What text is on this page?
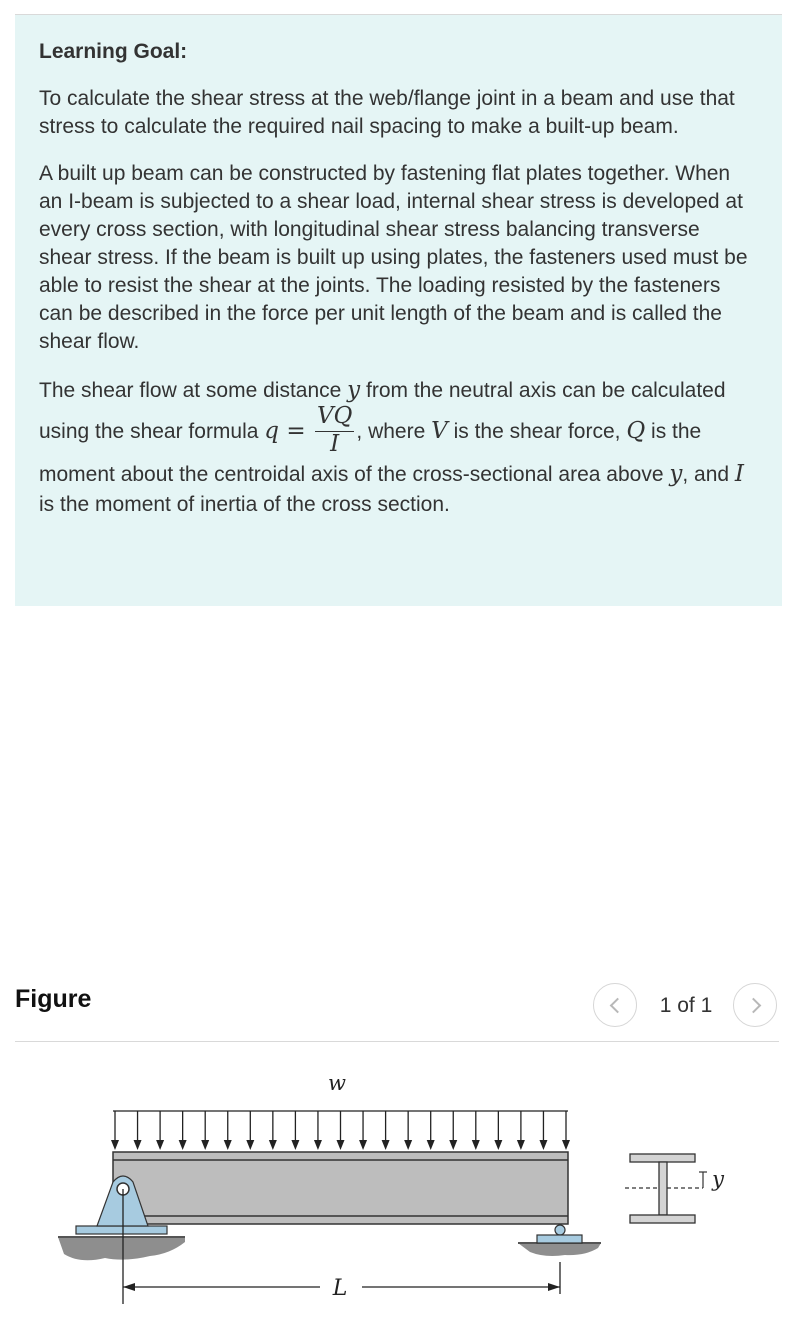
Learning Goal:

To calculate the shear stress at the web/flange joint in a beam and use that stress to calculate the required nail spacing to make a built-up beam.

A built up beam can be constructed by fastening flat plates together. When an I-beam is subjected to a shear load, internal shear stress is developed at every cross section, with longitudinal shear stress balancing transverse shear stress. If the beam is built up using plates, the fasteners used must be able to resist the shear at the joints. The loading resisted by the fasteners can be described in the force per unit length of the beam and is called the shear flow.

The shear flow at some distance y from the neutral axis can be calculated using the shear formula $q = \frac{VQ}{I}$ , where V is the shear force, Q is the moment about the centroidal axis of the cross-sectional area above y, and I is the moment of inertia of the cross section.

Figure	1 of 1
w
L
y
